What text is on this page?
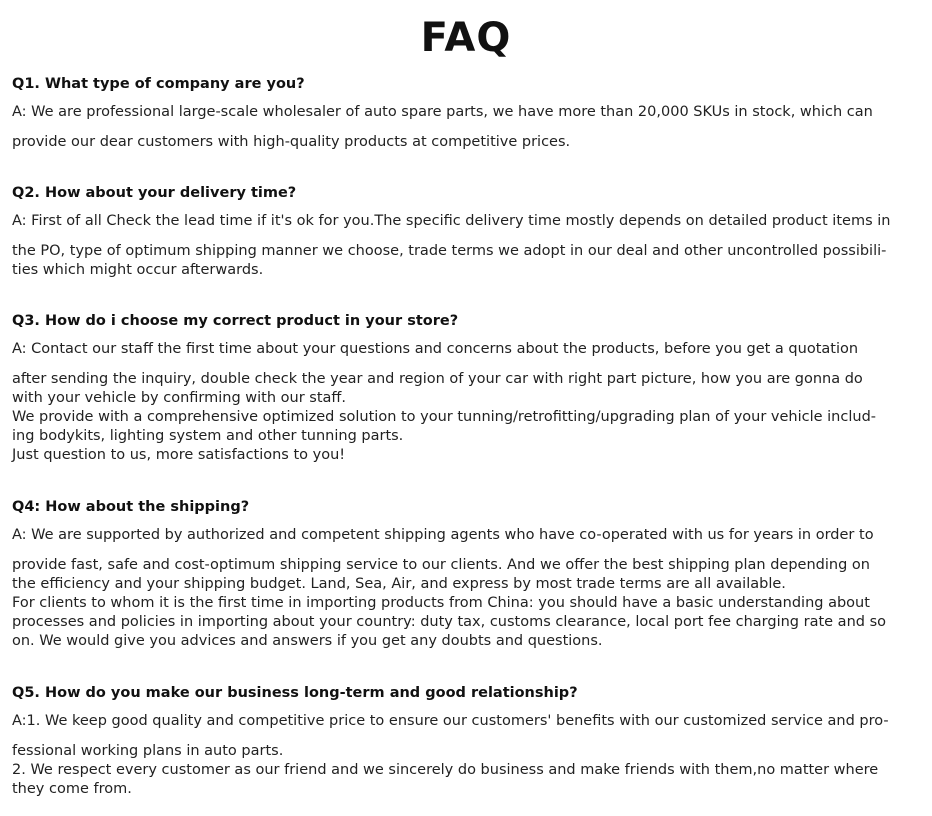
FAQ
Q1. What type of company are you?
A: We are professional large-scale wholesaler of auto spare parts, we have more than 20,000 SKUs in stock, which can
provide our dear customers with high-quality products at competitive prices.
Q2. How about your delivery time?
A: First of all Check the lead time if it's ok for you.The specific delivery time mostly depends on detailed product items in
the PO, type of optimum shipping manner we choose, trade terms we adopt in our deal and other uncontrolled possibili-
ties which might occur afterwards.
Q3. How do i choose my correct product in your store?
A: Contact our staff the first time about your questions and concerns about the products, before you get a quotation
after sending the inquiry, double check the year and region of your car with right part picture, how you are gonna do
with your vehicle by confirming with our staff.
We provide with a comprehensive optimized solution to your tunning/retrofitting/upgrading plan of your vehicle includ-
ing bodykits, lighting system and other tunning parts.
Just question to us, more satisfactions to you!
Q4: How about the shipping?
A: We are supported by authorized and competent shipping agents who have co-operated with us for years in order to
provide fast, safe and cost-optimum shipping service to our clients. And we offer the best shipping plan depending on
the efficiency and your shipping budget. Land, Sea, Air, and express by most trade terms are all available.
For clients to whom it is the first time in importing products from China: you should have a basic understanding about
processes and policies in importing about your country: duty tax, customs clearance, local port fee charging rate and so
on. We would give you advices and answers if you get any doubts and questions.
Q5. How do you make our business long-term and good relationship?
A:1. We keep good quality and competitive price to ensure our customers' benefits with our customized service and pro-
fessional working plans in auto parts.
2. We respect every customer as our friend and we sincerely do business and make friends with them,no matter where
they come from.
